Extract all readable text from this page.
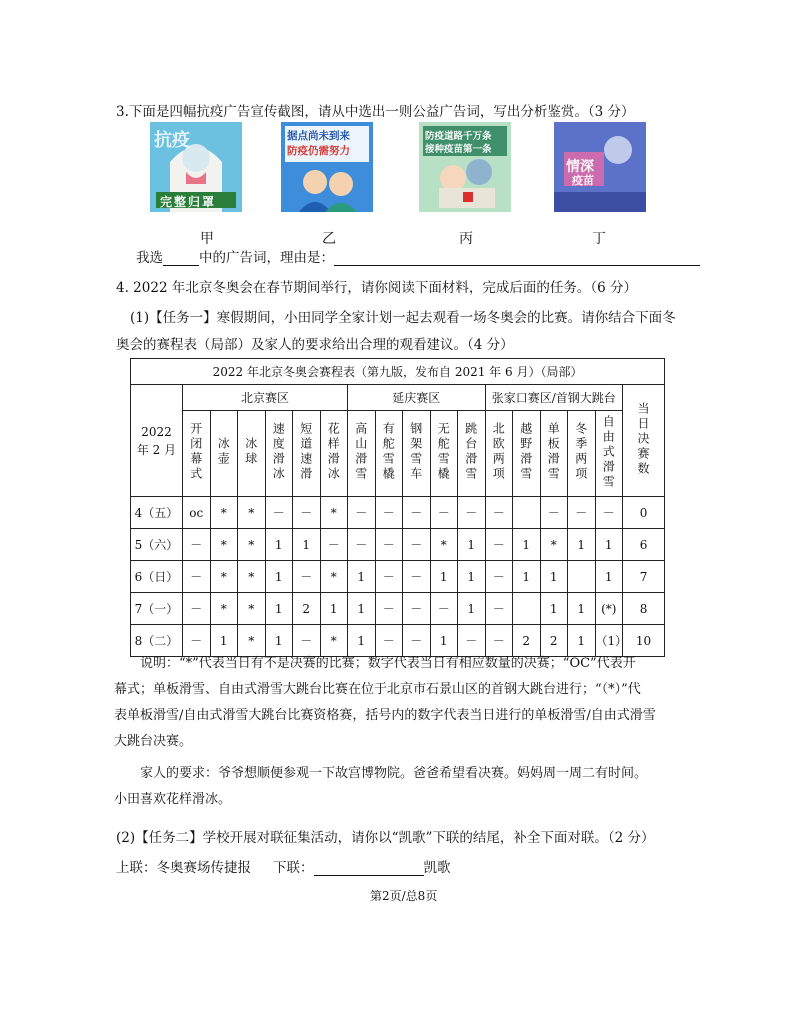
3.下面是四幅抗疫广告宣传截图，请从中选出一则公益广告词，写出分析鉴赏。（3 分）
抗疫
完整归罩
据点尚未到来
防疫仍需努力
防疫道路千万条
接种疫苗第一条
情深
疫苗
甲	乙	丙	丁
我选	中的广告词，理由是：
4. 2022 年北京冬奥会在春节期间举行，请你阅读下面材料，完成后面的任务。（6 分）
(1)【任务一】寒假期间，小田同学全家计划一起去观看一场冬奥会的比赛。请你结合下面冬
奥会的赛程表（局部）及家人的要求给出合理的观看建议。（4 分）
2022 年北京冬奥会赛程表（第九版，发布自 2021 年 6 月）（局部）																	
2022 年 2 月	北京赛区						延庆赛区					张家口赛区/首钢大跳台					当日决赛数
	开闭幕式	冰壶	冰球	速度滑冰	短道速滑	花样滑冰	高山滑雪	有舵雪橇	钢架雪车	无舵雪橇	跳台滑雪	北欧两项	越野滑雪	单板滑雪	冬季两项	自由式滑雪	
4（五）	oc	*	*	－	－	*	－	－	－	－	－	－		－	－	－	0
5（六）	－	*	*	1	1	－	－	－	－	*	1	－	1	*	1	1	6
6（日）	－	*	*	1	－	*	1	－	－	1	1	－	1	1		1	7
7（一）	－	*	*	1	2	1	1	－	－	－	1	－		1	1	(*)	8
8（二）	－	1	*	1	－	*	1	－	－	1	－	－	2	2	1	（1）	10
说明：“*”代表当日有不是决赛的比赛；数字代表当日有相应数量的决赛；“OC”代表开
幕式；单板滑雪、自由式滑雪大跳台比赛在位于北京市石景山区的首钢大跳台进行；“（*）”代
表单板滑雪/自由式滑雪大跳台比赛资格赛，括号内的数字代表当日进行的单板滑雪/自由式滑雪
大跳台决赛。
家人的要求：爷爷想顺便参观一下故宫博物院。爸爸希望看决赛。妈妈周一周二有时间。
小田喜欢花样滑冰。
(2)【任务二】学校开展对联征集活动，请你以“凯歌”下联的结尾，补全下面对联。（2 分）
上联：冬奥赛场传捷报 下联：	凯歌
第2页/总8页
